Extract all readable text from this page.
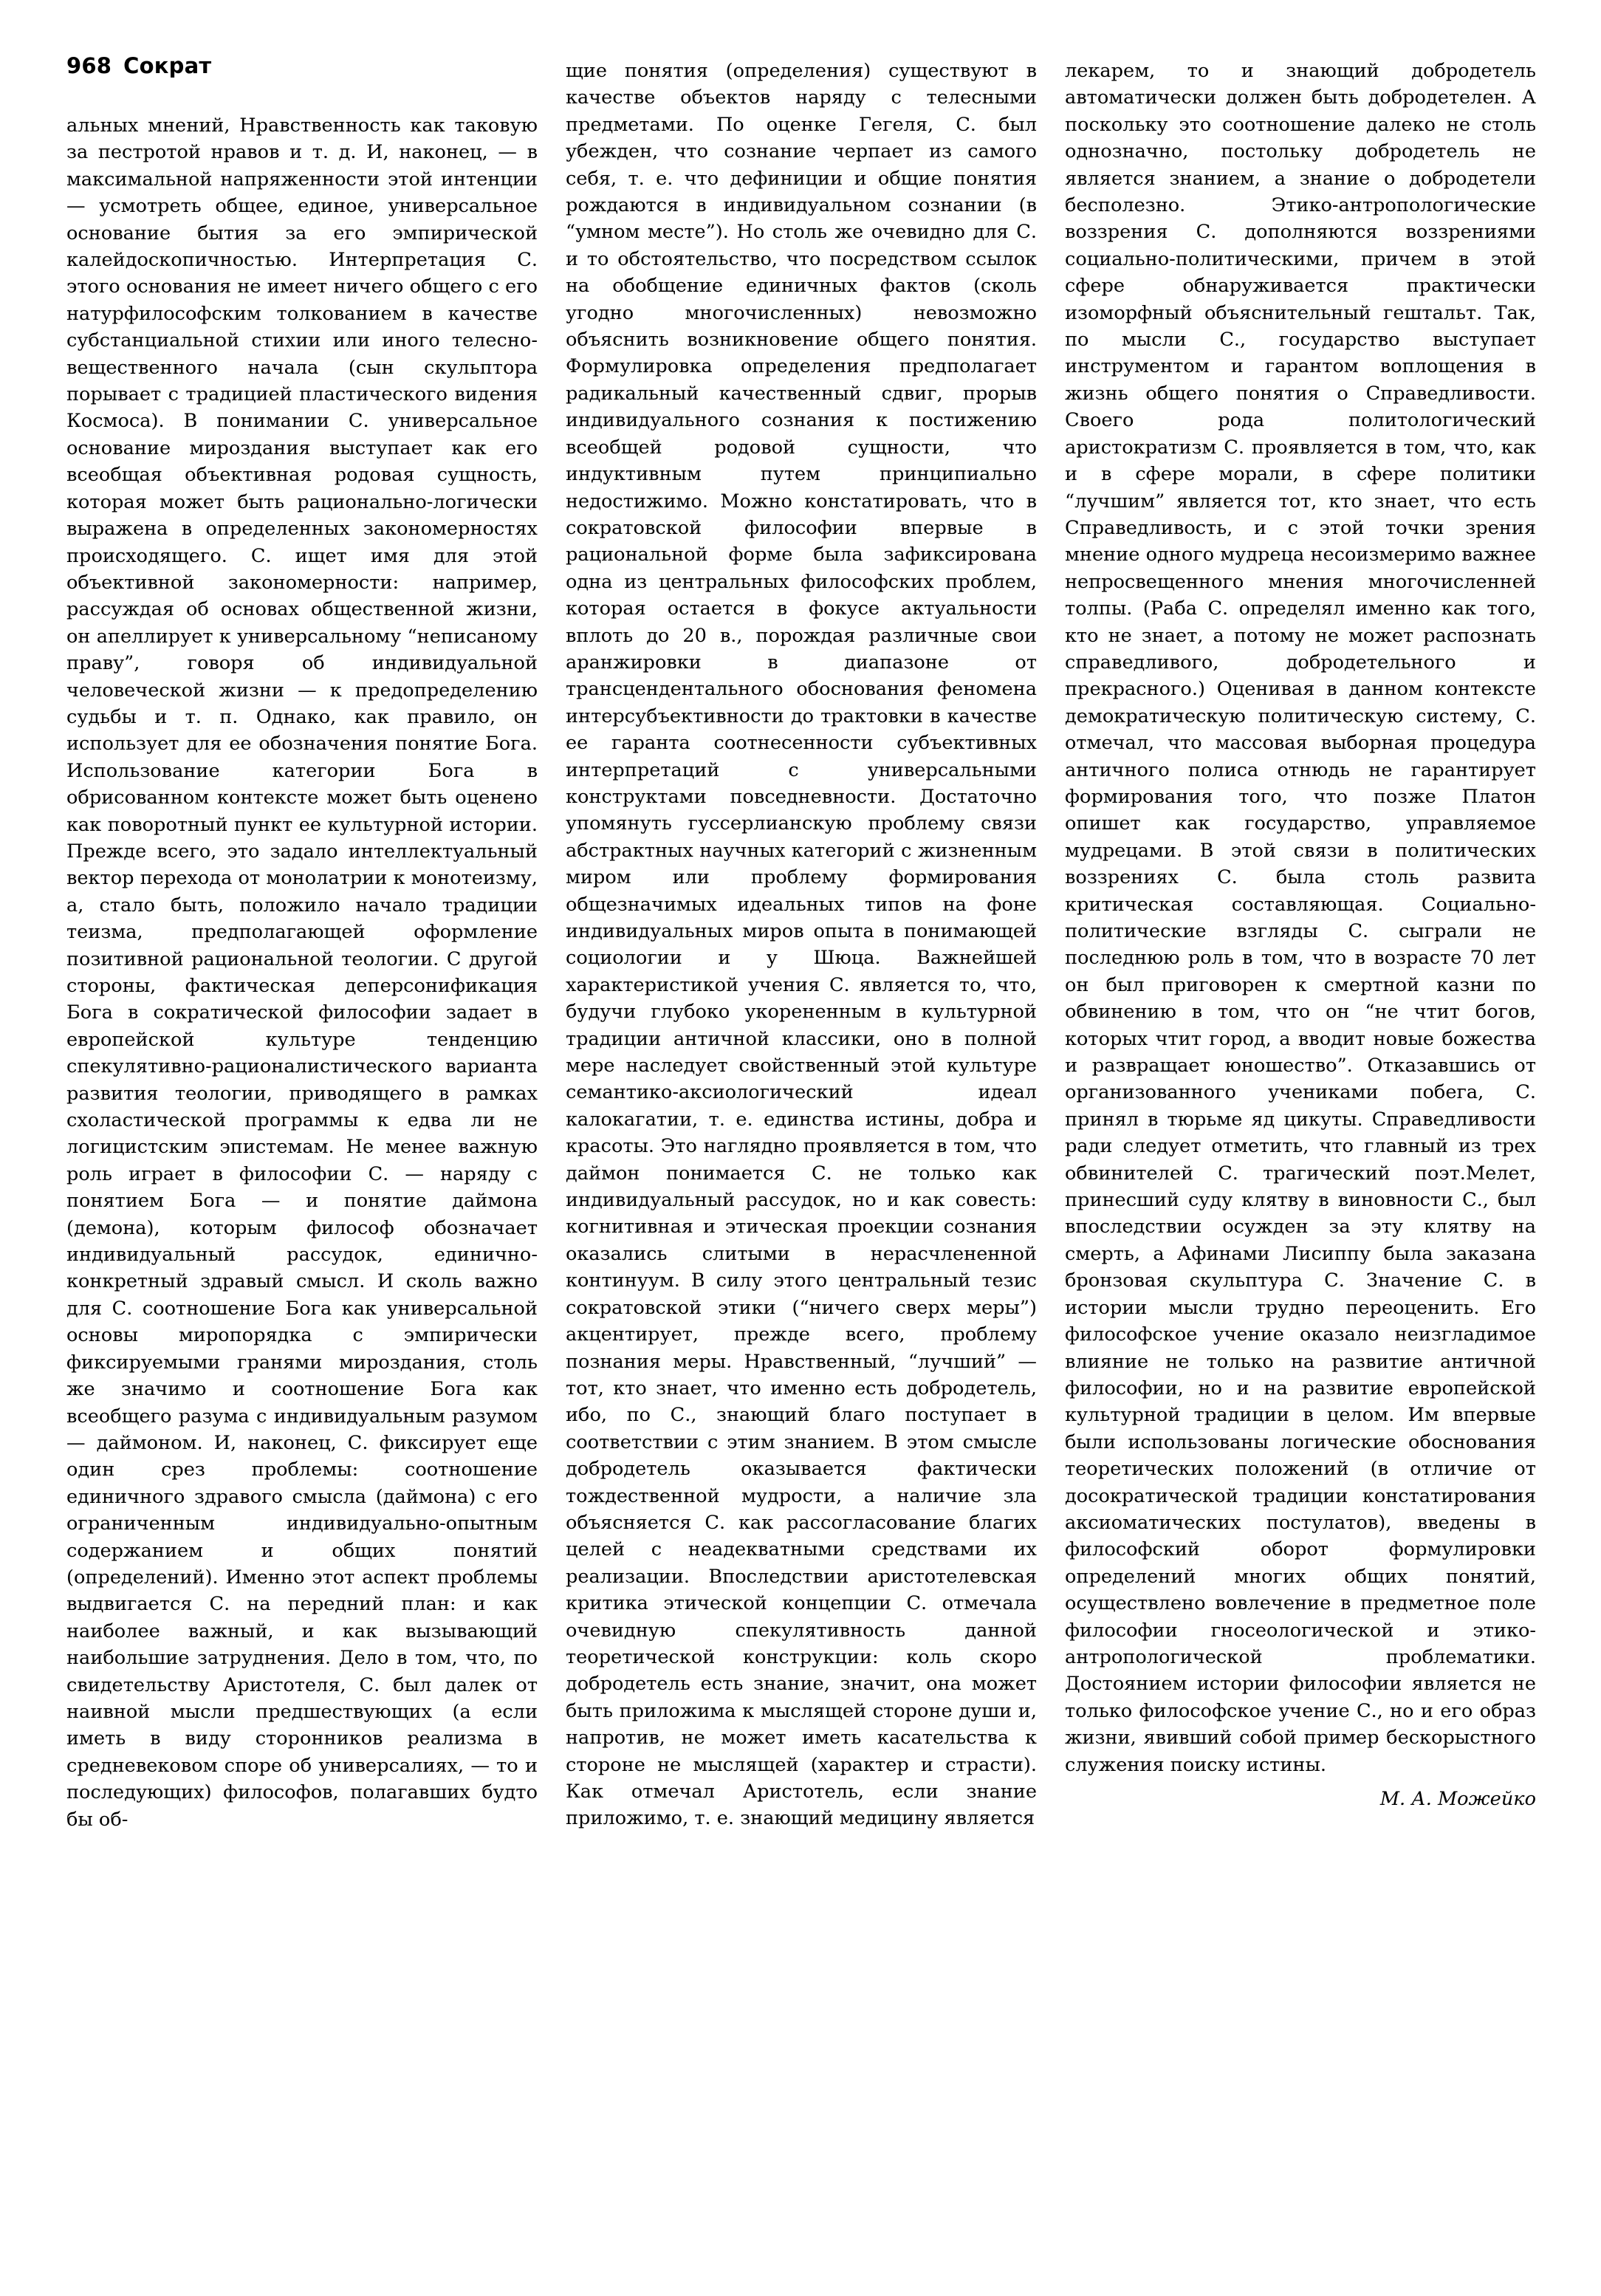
968 Сократ

альных мнений, Нравственность как таковую за пестротой нравов и т. д. И, наконец, — в максимальной напряженности этой интенции — усмотреть общее, единое, универсальное основание бытия за его эмпирической калейдоскопичностью. Интерпретация С. этого основания не имеет ничего общего с его натурфилософским толкованием в качестве субстанциальной стихии или иного телесно-вещественного начала (сын скульптора порывает с традицией пластического видения Космоса). В понимании С. универсальное основание мироздания выступает как его всеобщая объективная родовая сущность, которая может быть рационально-логически выражена в определенных закономерностях происходящего. С. ищет имя для этой объективной закономерности: например, рассуждая об основах общественной жизни, он апеллирует к универсальному “неписаному праву”, говоря об индивидуальной человеческой жизни — к предопределению судьбы и т. п. Однако, как правило, он использует для ее обозначения понятие Бога. Использование категории Бога в обрисованном контексте может быть оценено как поворотный пункт ее культурной истории. Прежде всего, это задало интеллектуальный вектор перехода от монолатрии к монотеизму, а, стало быть, положило начало традиции теизма, предполагающей оформление позитивной рациональной теологии. С другой стороны, фактическая деперсонификация Бога в сократической философии задает в европейской культуре тенденцию спекулятивно-рационалистического варианта развития теологии, приводящего в рамках схоластической программы к едва ли не логицистским эпистемам. Не менее важную роль играет в философии С. — наряду с понятием Бога — и понятие даймона (демона), которым философ обозначает индивидуальный рассудок, единично-конкретный здравый смысл. И сколь важно для С. соотношение Бога как универсальной основы миропорядка с эмпирически фиксируемыми гранями мироздания, столь же значимо и соотношение Бога как всеобщего разума с индивидуальным разумом — даймоном. И, наконец, С. фиксирует еще один срез проблемы: соотношение единичного здравого смысла (даймона) с его ограниченным индивидуально-опытным содержанием и общих понятий (определений). Именно этот аспект проблемы выдвигается С. на передний план: и как наиболее важный, и как вызывающий наибольшие затруднения. Дело в том, что, по свидетельству Аристотеля, С. был далек от наивной мысли предшествующих (а если иметь в виду сторонников реализма в средневековом споре об универсалиях, — то и последующих) философов, полагавших будто бы об-

щие понятия (определения) существуют в качестве объектов наряду с телесными предметами. По оценке Гегеля, С. был убежден, что сознание черпает из самого себя, т. е. что дефиниции и общие понятия рождаются в индивидуальном сознании (в “умном месте”). Но столь же очевидно для С. и то обстоятельство, что посредством ссылок на обобщение единичных фактов (сколь угодно многочисленных) невозможно объяснить возникновение общего понятия. Формулировка определения предполагает радикальный качественный сдвиг, прорыв индивидуального сознания к постижению всеобщей родовой сущности, что индуктивным путем принципиально недостижимо. Можно констатировать, что в сократовской философии впервые в рациональной форме была зафиксирована одна из центральных философских проблем, которая остается в фокусе актуальности вплоть до 20 в., порождая различные свои аранжировки в диапазоне от трансцендентального обоснования феномена интерсубъективности до трактовки в качестве ее гаранта соотнесенности субъективных интерпретаций с универсальными конструктами повседневности. Достаточно упомянуть гуссерлианскую проблему связи абстрактных научных категорий с жизненным миром или проблему формирования общезначимых идеальных типов на фоне индивидуальных миров опыта в понимающей социологии и у Шюца. Важнейшей характеристикой учения С. является то, что, будучи глубоко укорененным в культурной традиции античной классики, оно в полной мере наследует свойственный этой культуре семантико-аксиологический идеал калокагатии, т. е. единства истины, добра и красоты. Это наглядно проявляется в том, что даймон понимается С. не только как индивидуальный рассудок, но и как совесть: когнитивная и этическая проекции сознания оказались слитыми в нерасчлененной континуум. В силу этого центральный тезис сократовской этики (“ничего сверх меры”) акцентирует, прежде всего, проблему познания меры. Нравственный, “лучший” — тот, кто знает, что именно есть добродетель, ибо, по С., знающий благо поступает в соответствии с этим знанием. В этом смысле добродетель оказывается фактически тождественной мудрости, а наличие зла объясняется С. как рассогласование благих целей с неадекватными средствами их реализации. Впоследствии аристотелевская критика этической концепции С. отмечала очевидную спекулятивность данной теоретической конструкции: коль скоро добродетель есть знание, значит, она может быть приложима к мыслящей стороне души и, напротив, не может иметь касательства к стороне не мыслящей (характер и страсти). Как отмечал Аристотель, если знание приложимо, т. е. знающий медицину является

лекарем, то и знающий добродетель автоматически должен быть добродетелен. А поскольку это соотношение далеко не столь однозначно, постольку добродетель не является знанием, а знание о добродетели бесполезно. Этико-антропологические воззрения С. дополняются воззрениями социально-политическими, причем в этой сфере обнаруживается практически изоморфный объяснительный гештальт. Так, по мысли С., государство выступает инструментом и гарантом воплощения в жизнь общего понятия о Справедливости. Своего рода политологический аристократизм С. проявляется в том, что, как и в сфере морали, в сфере политики “лучшим” является тот, кто знает, что есть Справедливость, и с этой точки зрения мнение одного мудреца несоизмеримо важнее непросвещенного мнения многочисленней толпы. (Раба С. определял именно как того, кто не знает, а потому не может распознать справедливого, добродетельного и прекрасного.) Оценивая в данном контексте демократическую политическую систему, С. отмечал, что массовая выборная процедура античного полиса отнюдь не гарантирует формирования того, что позже Платон опишет как государство, управляемое мудрецами. В этой связи в политических воззрениях С. была столь развита критическая составляющая. Социально-политические взгляды С. сыграли не последнюю роль в том, что в возрасте 70 лет он был приговорен к смертной казни по обвинению в том, что он “не чтит богов, которых чтит город, а вводит новые божества и развращает юношество”. Отказавшись от организованного учениками побега, С. принял в тюрьме яд цикуты. Справедливости ради следует отметить, что главный из трех обвинителей С. трагический поэт.Мелет, принесший суду клятву в виновности С., был впоследствии осужден за эту клятву на смерть, а Афинами Лисиппу была заказана бронзовая скульптура С. Значение С. в истории мысли трудно переоценить. Его философское учение оказало неизгладимое влияние не только на развитие античной философии, но и на развитие европейской культурной традиции в целом. Им впервые были использованы логические обоснования теоретических положений (в отличие от досократической традиции констатирования аксиоматических постулатов), введены в философский оборот формулировки определений многих общих понятий, осуществлено вовлечение в предметное поле философии гносеологической и этико-антропологической проблематики. Достоянием истории философии является не только философское учение С., но и его образ жизни, явивший собой пример бескорыстного служения поиску истины.

М. А. Можейко
